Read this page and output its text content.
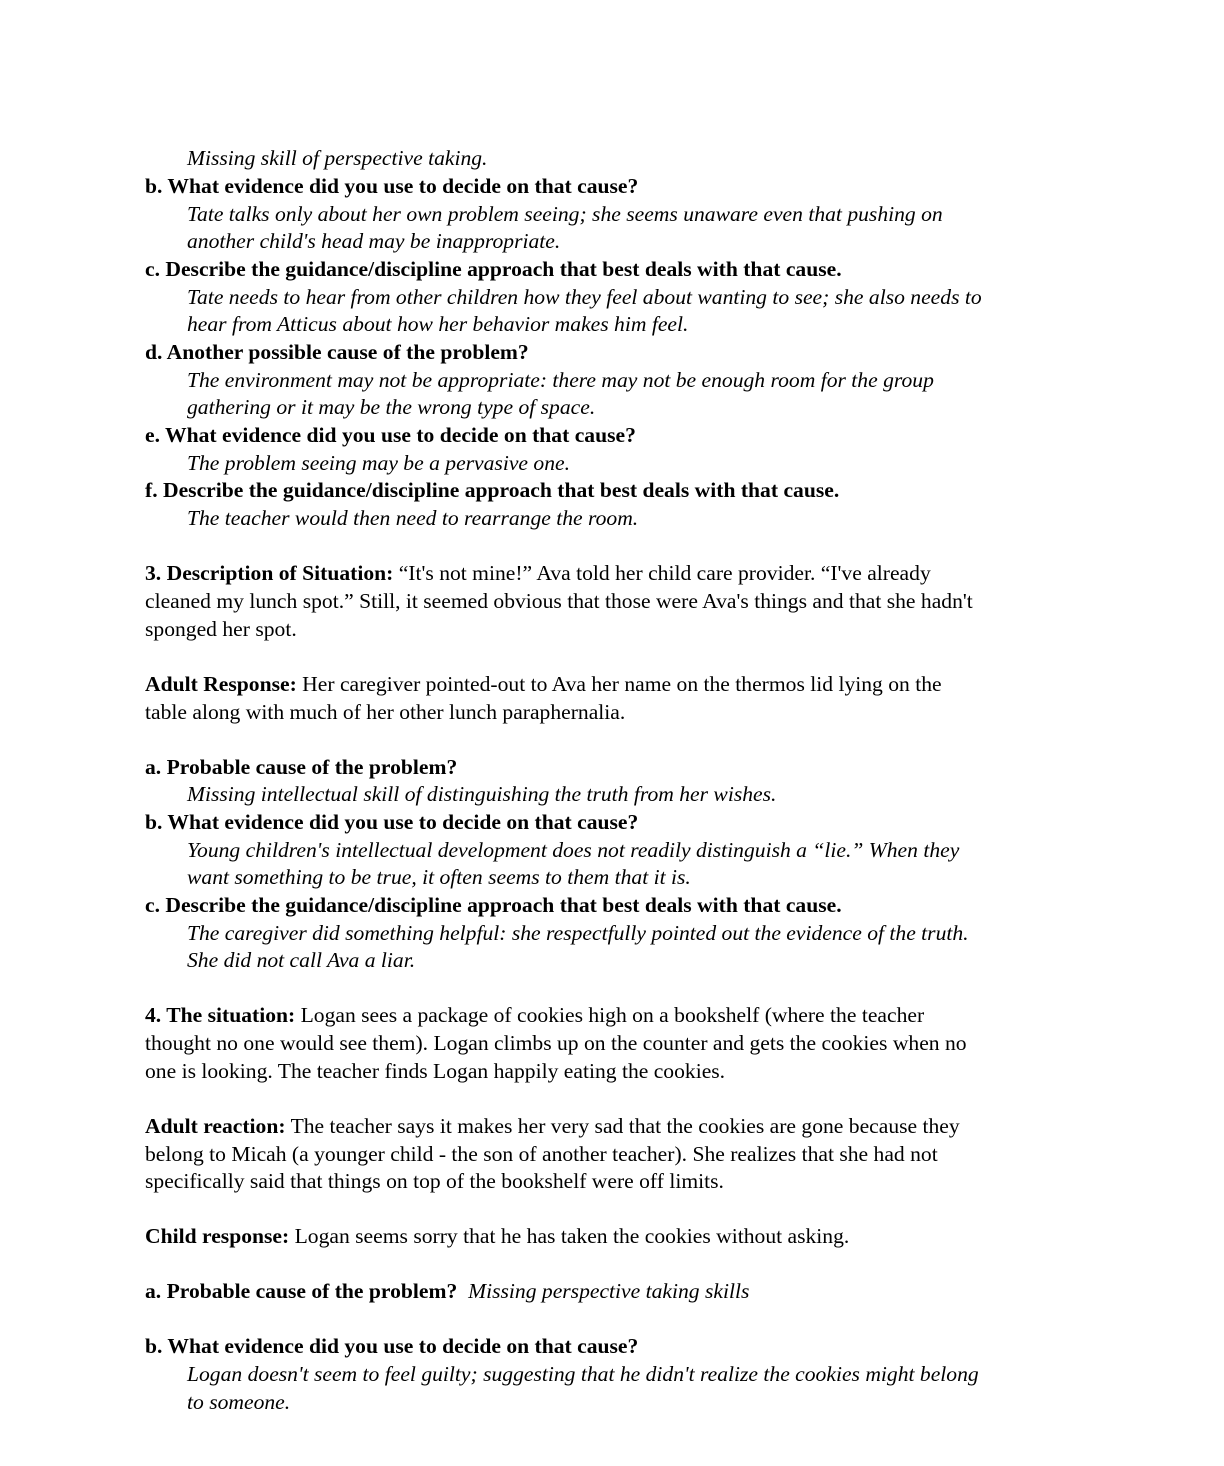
Missing skill of perspective taking.
b. What evidence did you use to decide on that cause?
Tate talks only about her own problem seeing; she seems unaware even that pushing on
another child's head may be inappropriate.
c. Describe the guidance/discipline approach that best deals with that cause.
Tate needs to hear from other children how they feel about wanting to see; she also needs to
hear from Atticus about how her behavior makes him feel.
d. Another possible cause of the problem?
The environment may not be appropriate: there may not be enough room for the group
gathering or it may be the wrong type of space.
e. What evidence did you use to decide on that cause?
The problem seeing may be a pervasive one.
f. Describe the guidance/discipline approach that best deals with that cause.
The teacher would then need to rearrange the room.
3. Description of Situation: “It's not mine!” Ava told her child care provider. “I've already
cleaned my lunch spot.” Still, it seemed obvious that those were Ava's things and that she hadn't
sponged her spot.
Adult Response: Her caregiver pointed-out to Ava her name on the thermos lid lying on the
table along with much of her other lunch paraphernalia.
a. Probable cause of the problem?
Missing intellectual skill of distinguishing the truth from her wishes.
b. What evidence did you use to decide on that cause?
Young children's intellectual development does not readily distinguish a “lie.” When they
want something to be true, it often seems to them that it is.
c. Describe the guidance/discipline approach that best deals with that cause.
The caregiver did something helpful: she respectfully pointed out the evidence of the truth.
She did not call Ava a liar.
4. The situation: Logan sees a package of cookies high on a bookshelf (where the teacher
thought no one would see them). Logan climbs up on the counter and gets the cookies when no
one is looking. The teacher finds Logan happily eating the cookies.
Adult reaction: The teacher says it makes her very sad that the cookies are gone because they
belong to Micah (a younger child - the son of another teacher). She realizes that she had not
specifically said that things on top of the bookshelf were off limits.
Child response: Logan seems sorry that he has taken the cookies without asking.
a. Probable cause of the problem? Missing perspective taking skills
b. What evidence did you use to decide on that cause?
Logan doesn't seem to feel guilty; suggesting that he didn't realize the cookies might belong
to someone.
